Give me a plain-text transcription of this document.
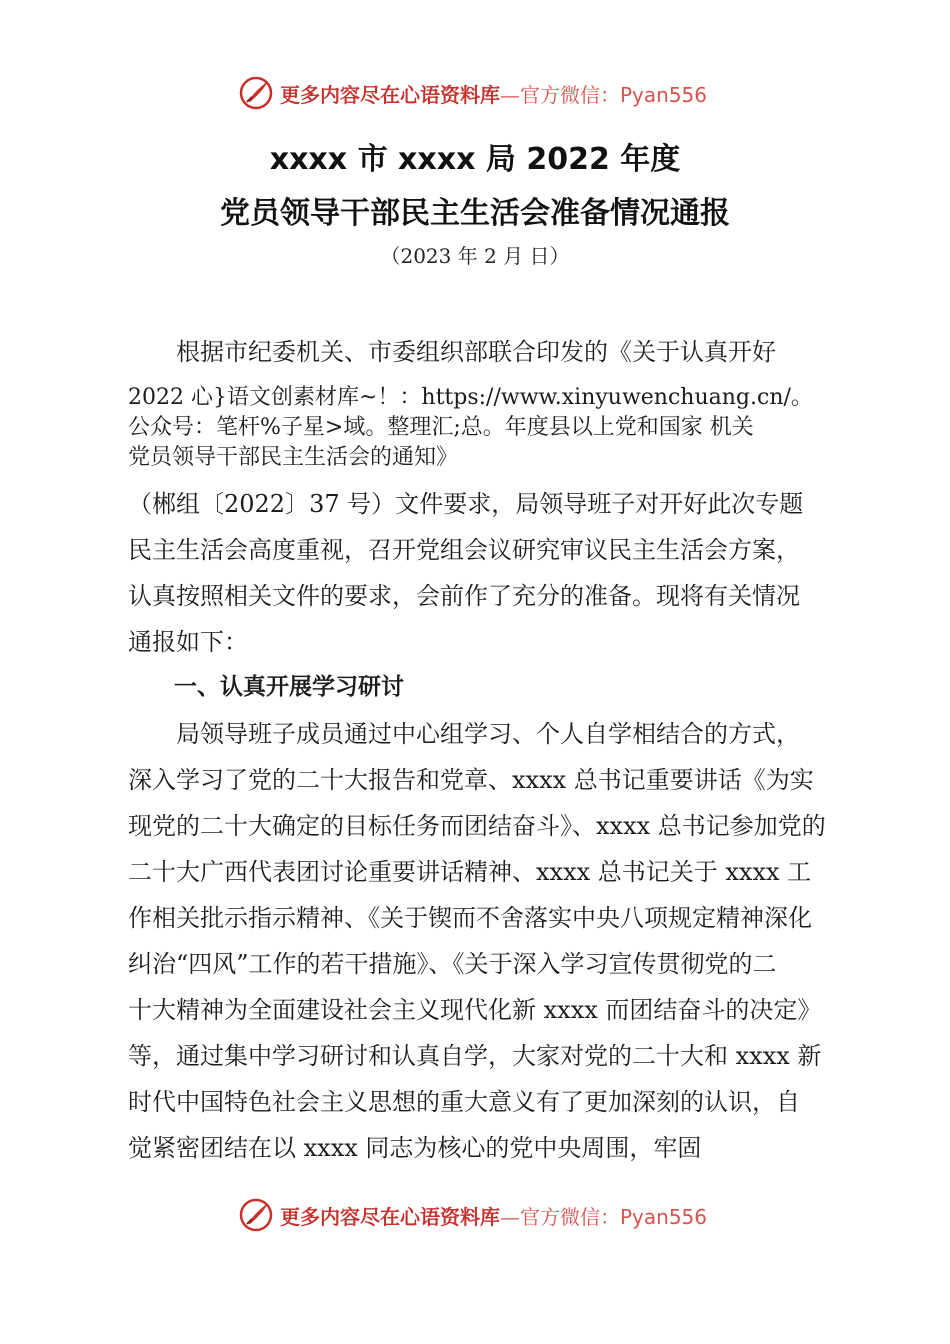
更多内容尽在心语资料库—官方微信：Pyan556
xxxx 市 xxxx 局 2022 年度
党员领导干部民主生活会准备情况通报
（2023 年 2 月 日）
　　根据市纪委机关、市委组织部联合印发的《关于认真开好
2022 心}语文创素材库~！：https://www.xinyuwenchuang.cn/。
公众号：笔杆%子星>域。整理汇;总。年度县以上党和国家 机关
党员领导干部民主生活会的通知》
（郴组〔2022〕37 号）文件要求，局领导班子对开好此次专题
民主生活会高度重视，召开党组会议研究审议民主生活会方案，
认真按照相关文件的要求，会前作了充分的准备。现将有关情况
通报如下：
　　一、认真开展学习研讨
　　局领导班子成员通过中心组学习、个人自学相结合的方式，
深入学习了党的二十大报告和党章、xxxx 总书记重要讲话《为实
现党的二十大确定的目标任务而团结奋斗》、xxxx 总书记参加党的
二十大广西代表团讨论重要讲话精神、xxxx 总书记关于 xxxx 工
作相关批示指示精神、《关于锲而不舍落实中央八项规定精神深化
纠治“四风”工作的若干措施》、《关于深入学习宣传贯彻党的二
十大精神为全面建设社会主义现代化新 xxxx 而团结奋斗的决定》
等，通过集中学习研讨和认真自学，大家对党的二十大和 xxxx 新
时代中国特色社会主义思想的重大意义有了更加深刻的认识，自
觉紧密团结在以 xxxx 同志为核心的党中央周围，牢固
更多内容尽在心语资料库—官方微信：Pyan556
